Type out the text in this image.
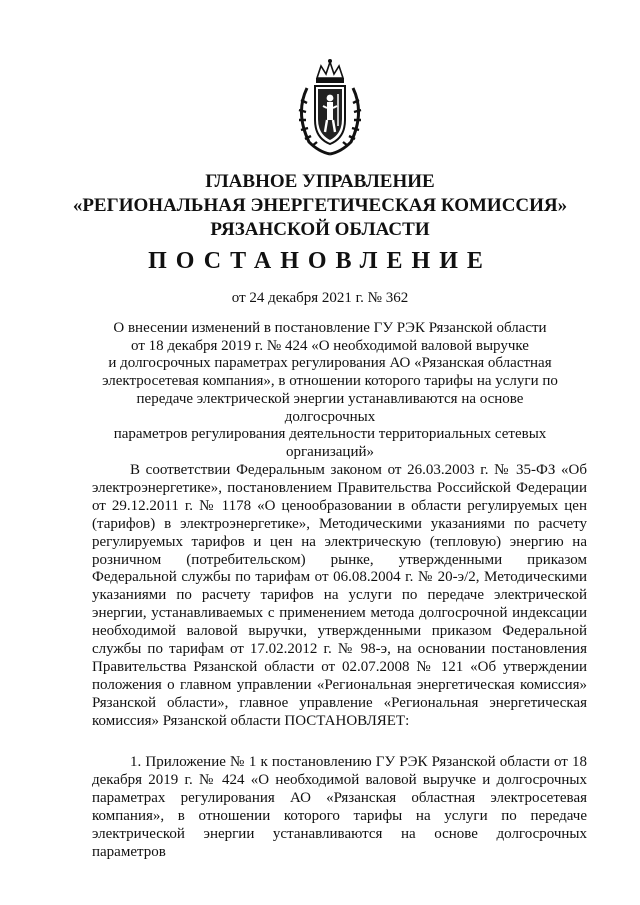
ГЛАВНОЕ УПРАВЛЕНИЕ
«РЕГИОНАЛЬНАЯ ЭНЕРГЕТИЧЕСКАЯ КОМИССИЯ»
РЯЗАНСКОЙ ОБЛАСТИ
ПОСТАНОВЛЕНИЕ
от 24 декабря 2021 г. № 362
О внесении изменений в постановление ГУ РЭК Рязанской области
от 18 декабря 2019 г. № 424 «О необходимой валовой выручке
и долгосрочных параметрах регулирования АО «Рязанская областная
электросетевая компания», в отношении которого тарифы на услуги по
передаче электрической энергии устанавливаются на основе долгосрочных
параметров регулирования деятельности территориальных сетевых
организаций»

В соответствии Федеральным законом от 26.03.2003 г. № 35-ФЗ «Об электроэнергетике», постановлением Правительства Российской Федерации от 29.12.2011 г. № 1178 «О ценообразовании в области регулируемых цен (тарифов) в электроэнергетике», Методическими указаниями по расчету регулируемых тарифов и цен на электрическую (тепловую) энергию на розничном (потребительском) рынке, утвержденными приказом Федеральной службы по тарифам от 06.08.2004 г. № 20-э/2, Методическими указаниями по расчету тарифов на услуги по передаче электрической энергии, устанавливаемых с применением метода долгосрочной индексации необходимой валовой выручки, утвержденными приказом Федеральной службы по тарифам от 17.02.2012 г. № 98-э, на основании постановления Правительства Рязанской области от 02.07.2008 № 121 «Об утверждении положения о главном управлении «Региональная энергетическая комиссия» Рязанской области», главное управление «Региональная энергетическая комиссия» Рязанской области ПОСТАНОВЛЯЕТ:

1. Приложение № 1 к постановлению ГУ РЭК Рязанской области от 18 декабря 2019 г. № 424 «О необходимой валовой выручке и долгосрочных параметрах регулирования АО «Рязанская областная электросетевая компания», в отношении которого тарифы на услуги по передаче электрической энергии устанавливаются на основе долгосрочных параметров
